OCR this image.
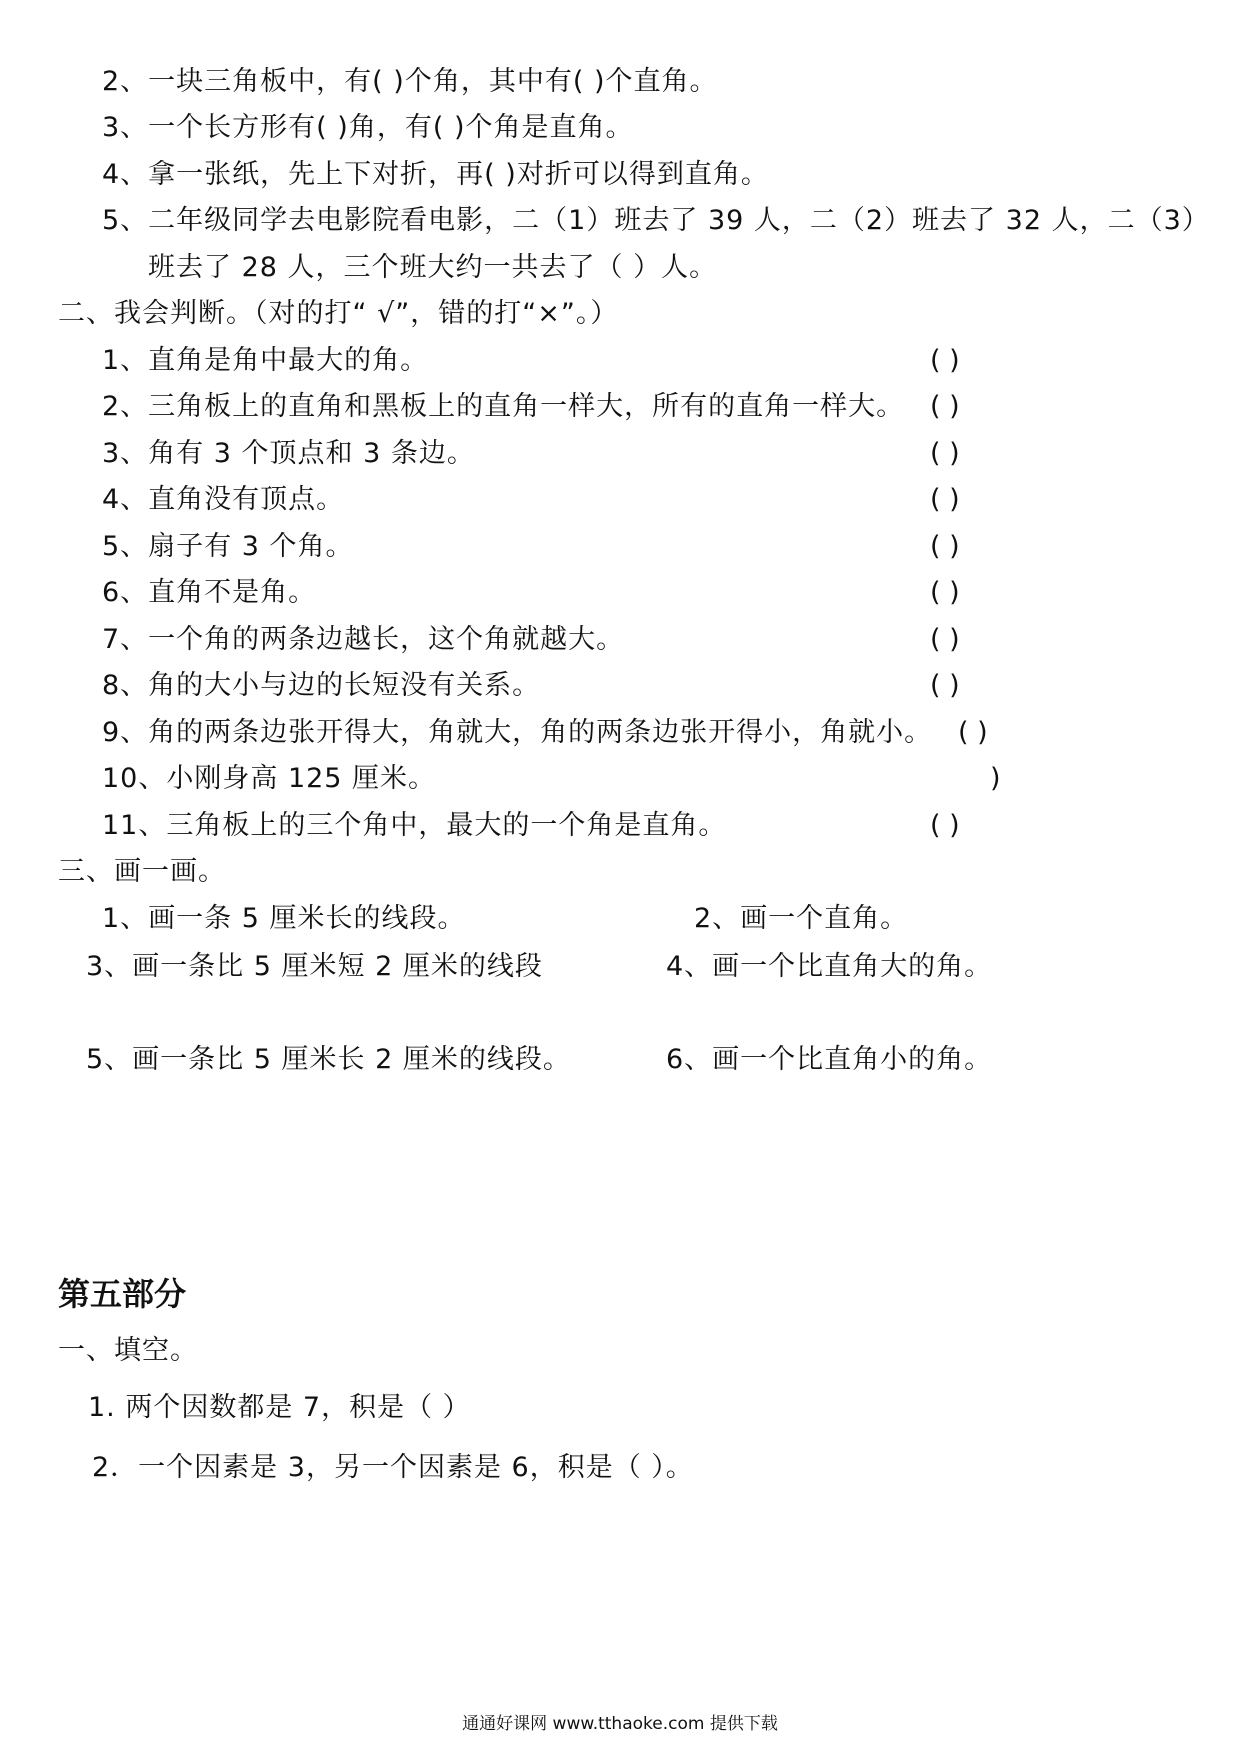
2、一块三角板中，有( )个角，其中有( )个直角。
3、一个长方形有( )角，有( )个角是直角。
4、拿一张纸，先上下对折，再( )对折可以得到直角。
5、二年级同学去电影院看电影，二（1）班去了 39 人，二（2）班去了 32 人，二（3）
班去了 28 人，三个班大约一共去了（ ）人。
二、我会判断。（对的打“ √”，错的打“×”。）
1、直角是角中最大的角。	( )
2、三角板上的直角和黑板上的直角一样大，所有的直角一样大。 ( )
3、角有 3 个顶点和 3 条边。	( )
4、直角没有顶点。	( )
5、扇子有 3 个角。	( )
6、直角不是角。	( )
7、一个角的两条边越长，这个角就越大。	( )
8、角的大小与边的长短没有关系。	( )
9、角的两条边张开得大，角就大，角的两条边张开得小，角就小。 ( )
10、小刚身高 125 厘米。	)
11、三角板上的三个角中，最大的一个角是直角。	( )
三、画一画。
1、画一条 5 厘米长的线段。	2、画一个直角。
3、画一条比 5 厘米短 2 厘米的线段	4、画一个比直角大的角。
5、画一条比 5 厘米长 2 厘米的线段。	6、画一个比直角小的角。
第五部分
一、填空。
1. 两个因数都是 7，积是（ ）
2．一个因素是 3，另一个因素是 6，积是（ ）。
通通好课网 www.tthaoke.com 提供下载
